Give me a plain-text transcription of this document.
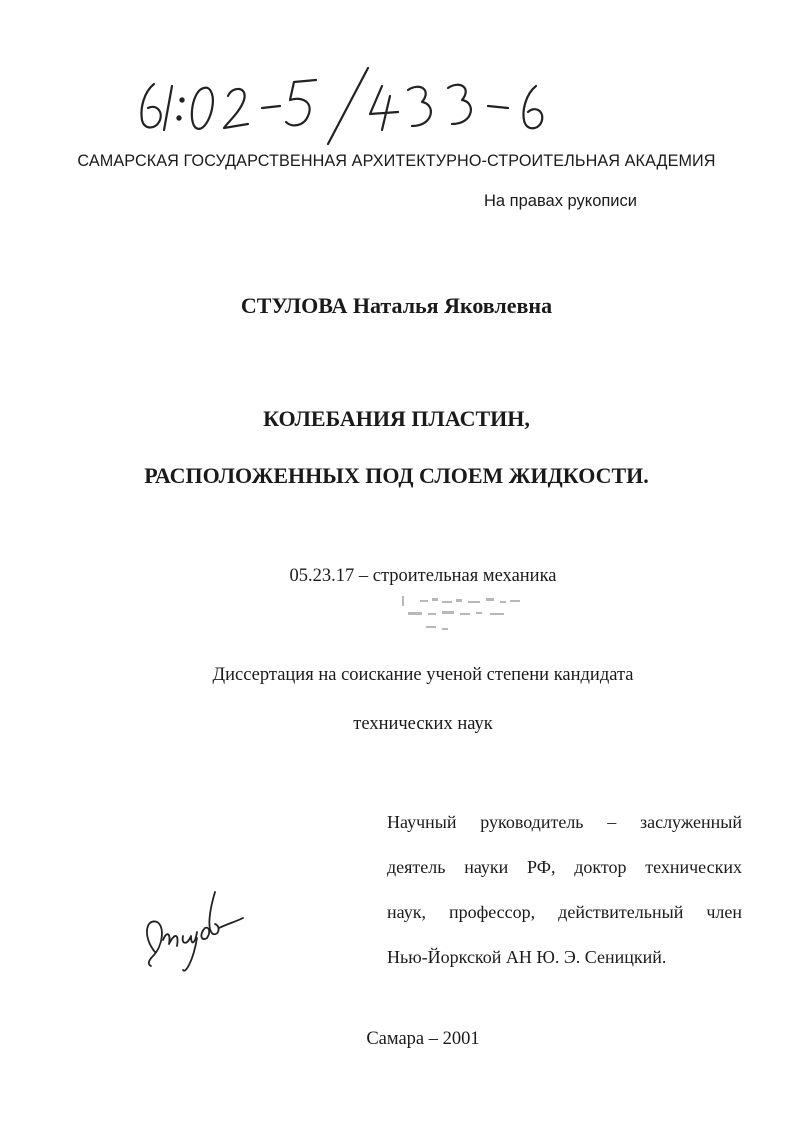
САМАРСКАЯ ГОСУДАРСТВЕННАЯ АРХИТЕКТУРНО-СТРОИТЕЛЬНАЯ АКАДЕМИЯ
На правах рукописи
СТУЛОВА Наталья Яковлевна
КОЛЕБАНИЯ ПЛАСТИН,
РАСПОЛОЖЕННЫХ ПОД СЛОЕМ ЖИДКОСТИ.
05.23.17 – строительная механика
Диссертация на соискание ученой степени кандидата
технических наук
Научный руководитель – заслуженный
деятель науки РФ, доктор технических
наук, профессор, действительный член
Нью-Йоркской АН Ю. Э. Сеницкий.
Самара – 2001
